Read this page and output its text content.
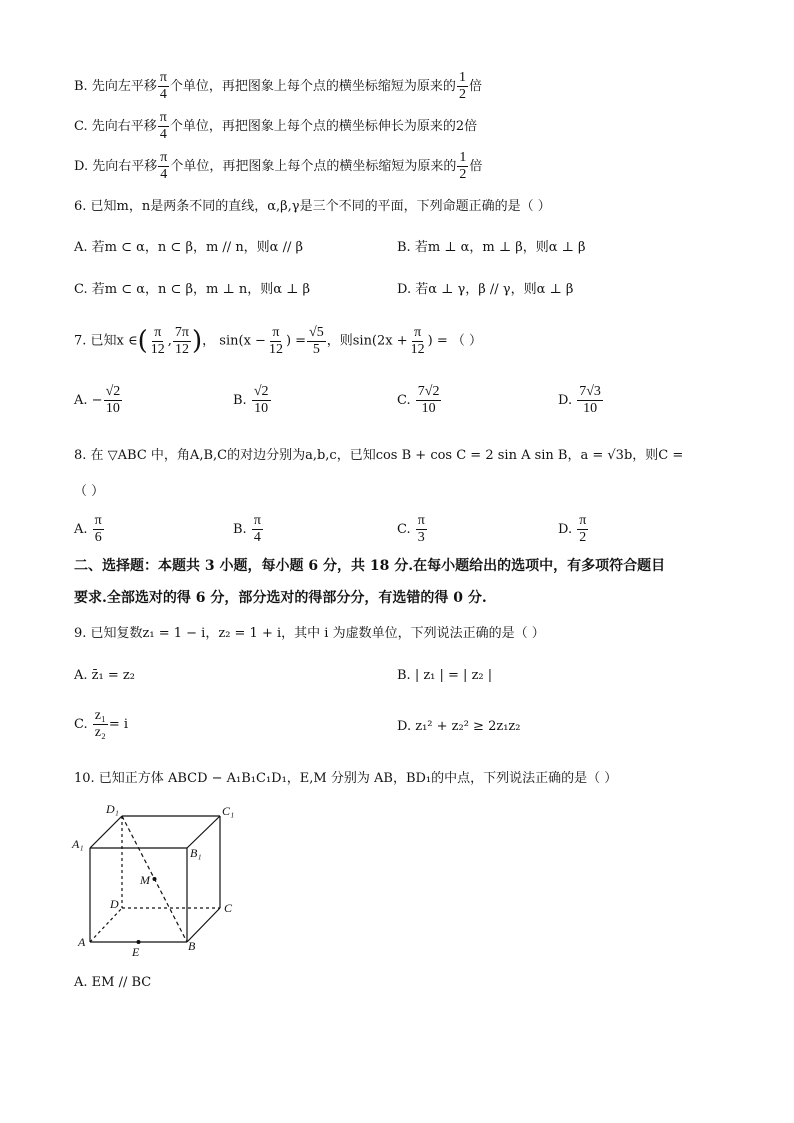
B. 先向左平移 $\frac{\pi}{4}$ 个单位，再把图象上每个点的横坐标缩短为原来的 $\frac{1}{2}$ 倍
C. 先向右平移 $\frac{\pi}{4}$ 个单位，再把图象上每个点的横坐标伸长为原来的2倍
D. 先向右平移 $\frac{\pi}{4}$ 个单位，再把图象上每个点的横坐标缩短为原来的 $\frac{1}{2}$ 倍
6. 已知m，n是两条不同的直线，α,β,γ是三个不同的平面，下列命题正确的是（ ）
A. 若m ⊂ α，n ⊂ β，m // n，则α // β	B. 若m ⊥ α，m ⊥ β，则α ⊥ β
C. 若m ⊂ α，n ⊂ β，m ⊥ n，则α ⊥ β	D. 若α ⊥ γ，β // γ，则α ⊥ β
7. 已知x ∈( $\frac{\pi}{12}$ , $\frac{7\pi}{12}$ )， $\sin(x - \frac{\pi}{12}$ ) = $\frac{√5}{5}$ ，则$\sin(2x + \frac{\pi}{12}$ ) = （ ）
A. − $\frac{√2}{10}$	B. $\frac{√2}{10}$	C. $\frac{7√2}{10}$	D. $\frac{7√3}{10}$
8. 在 ▽ABC 中，角A,B,C的对边分别为a,b,c，已知cos B + cos C = 2 sin A sin B，a = √3b，则C =
（ ）
A. $\frac{\pi}{6}$	B. $\frac{\pi}{4}$	C. $\frac{\pi}{3}$	D. $\frac{\pi}{2}$
二、选择题：本题共 3 小题，每小题 6 分，共 18 分.在每小题给出的选项中，有多项符合题目
要求.全部选对的得 6 分，部分选对的得部分分，有选错的得 0 分.
9. 已知复数z₁ = 1 − i，z₂ = 1 + i，其中 i 为虚数单位，下列说法正确的是（ ）
A. z̄₁ = z₂	B. | z₁ | = | z₂ |
C. $\frac{\text{z₁}}{\text{z₂}} = i$	D. z₁² + z₂² ≥ 2z₁z₂
10. 已知正方体 ABCD − A₁B₁C₁D₁，E,M 分别为 AB，BD₁的中点，下列说法正确的是（ ）
D₁	C₁
A₁
B₁
M
D	C
A	B
E
A. EM // BC
